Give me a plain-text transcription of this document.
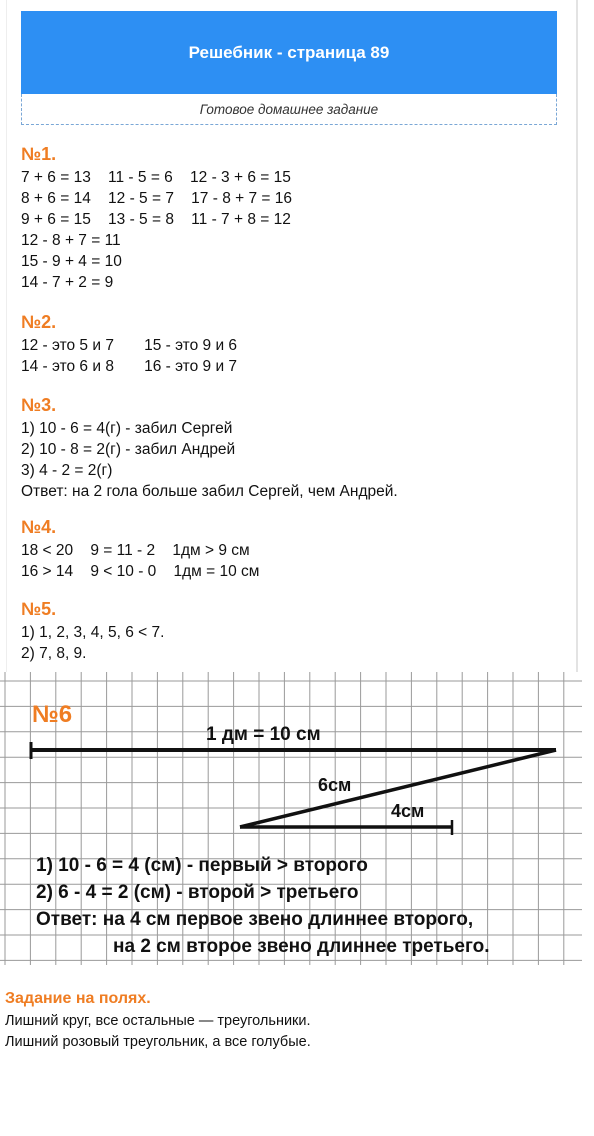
Решебник - страница 89
Готовое домашнее задание
№1.
7 + 6 = 13    11 - 5 = 6    12 - 3 + 6 = 15
8 + 6 = 14    12 - 5 = 7    17 - 8 + 7 = 16
9 + 6 = 15    13 - 5 = 8    11 - 7 + 8 = 12
12 - 8 + 7 = 11
15 - 9 + 4 = 10
14 - 7 + 2 = 9
№2.
12 - это 5 и 7       15 - это 9 и 6
14 - это 6 и 8       16 - это 9 и 7
№3.
1) 10 - 6 = 4(г) - забил Сергей
2) 10 - 8 = 2(г) - забил Андрей
3) 4 - 2 = 2(г)
Ответ: на 2 гола больше забил Сергей, чем Андрей.
№4.
18 < 20    9 = 11 - 2    1дм > 9 см
16 > 14    9 < 10 - 0    1дм = 10 см
№5.
1) 1, 2, 3, 4, 5, 6 < 7.
2) 7, 8, 9.
№6
1 дм = 10 см
6см
4см
1) 10 - 6 = 4 (см) - первый > второго
2) 6 - 4 = 2 (см) - второй > третьего
Ответ: на 4 см первое звено длиннее второго,
на 2 см второе звено длиннее третьего.
Задание на полях.
Лишний круг, все остальные — треугольники.
Лишний розовый треугольник, а все голубые.
